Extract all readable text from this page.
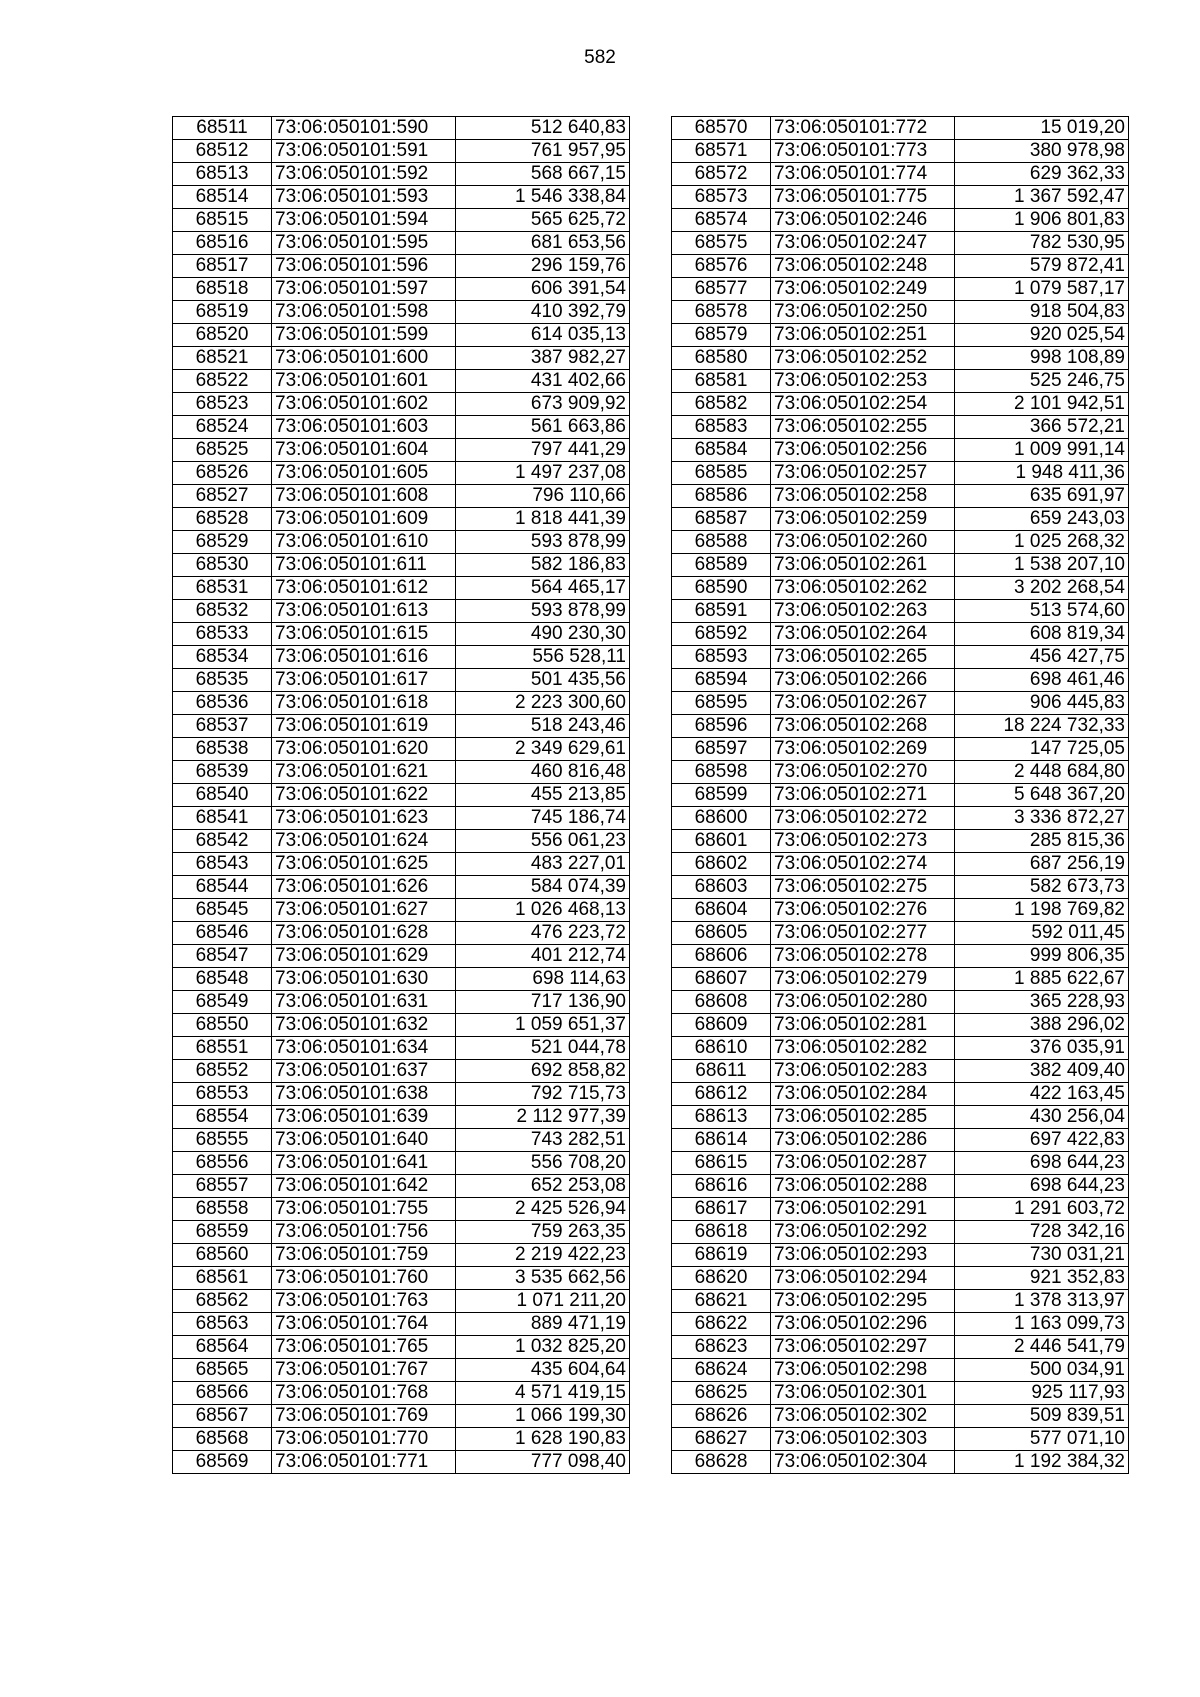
582
68511	73:06:050101:590	512 640,83
68512	73:06:050101:591	761 957,95
68513	73:06:050101:592	568 667,15
68514	73:06:050101:593	1 546 338,84
68515	73:06:050101:594	565 625,72
68516	73:06:050101:595	681 653,56
68517	73:06:050101:596	296 159,76
68518	73:06:050101:597	606 391,54
68519	73:06:050101:598	410 392,79
68520	73:06:050101:599	614 035,13
68521	73:06:050101:600	387 982,27
68522	73:06:050101:601	431 402,66
68523	73:06:050101:602	673 909,92
68524	73:06:050101:603	561 663,86
68525	73:06:050101:604	797 441,29
68526	73:06:050101:605	1 497 237,08
68527	73:06:050101:608	796 110,66
68528	73:06:050101:609	1 818 441,39
68529	73:06:050101:610	593 878,99
68530	73:06:050101:611	582 186,83
68531	73:06:050101:612	564 465,17
68532	73:06:050101:613	593 878,99
68533	73:06:050101:615	490 230,30
68534	73:06:050101:616	556 528,11
68535	73:06:050101:617	501 435,56
68536	73:06:050101:618	2 223 300,60
68537	73:06:050101:619	518 243,46
68538	73:06:050101:620	2 349 629,61
68539	73:06:050101:621	460 816,48
68540	73:06:050101:622	455 213,85
68541	73:06:050101:623	745 186,74
68542	73:06:050101:624	556 061,23
68543	73:06:050101:625	483 227,01
68544	73:06:050101:626	584 074,39
68545	73:06:050101:627	1 026 468,13
68546	73:06:050101:628	476 223,72
68547	73:06:050101:629	401 212,74
68548	73:06:050101:630	698 114,63
68549	73:06:050101:631	717 136,90
68550	73:06:050101:632	1 059 651,37
68551	73:06:050101:634	521 044,78
68552	73:06:050101:637	692 858,82
68553	73:06:050101:638	792 715,73
68554	73:06:050101:639	2 112 977,39
68555	73:06:050101:640	743 282,51
68556	73:06:050101:641	556 708,20
68557	73:06:050101:642	652 253,08
68558	73:06:050101:755	2 425 526,94
68559	73:06:050101:756	759 263,35
68560	73:06:050101:759	2 219 422,23
68561	73:06:050101:760	3 535 662,56
68562	73:06:050101:763	1 071 211,20
68563	73:06:050101:764	889 471,19
68564	73:06:050101:765	1 032 825,20
68565	73:06:050101:767	435 604,64
68566	73:06:050101:768	4 571 419,15
68567	73:06:050101:769	1 066 199,30
68568	73:06:050101:770	1 628 190,83
68569	73:06:050101:771	777 098,40
68570	73:06:050101:772	15 019,20
68571	73:06:050101:773	380 978,98
68572	73:06:050101:774	629 362,33
68573	73:06:050101:775	1 367 592,47
68574	73:06:050102:246	1 906 801,83
68575	73:06:050102:247	782 530,95
68576	73:06:050102:248	579 872,41
68577	73:06:050102:249	1 079 587,17
68578	73:06:050102:250	918 504,83
68579	73:06:050102:251	920 025,54
68580	73:06:050102:252	998 108,89
68581	73:06:050102:253	525 246,75
68582	73:06:050102:254	2 101 942,51
68583	73:06:050102:255	366 572,21
68584	73:06:050102:256	1 009 991,14
68585	73:06:050102:257	1 948 411,36
68586	73:06:050102:258	635 691,97
68587	73:06:050102:259	659 243,03
68588	73:06:050102:260	1 025 268,32
68589	73:06:050102:261	1 538 207,10
68590	73:06:050102:262	3 202 268,54
68591	73:06:050102:263	513 574,60
68592	73:06:050102:264	608 819,34
68593	73:06:050102:265	456 427,75
68594	73:06:050102:266	698 461,46
68595	73:06:050102:267	906 445,83
68596	73:06:050102:268	18 224 732,33
68597	73:06:050102:269	147 725,05
68598	73:06:050102:270	2 448 684,80
68599	73:06:050102:271	5 648 367,20
68600	73:06:050102:272	3 336 872,27
68601	73:06:050102:273	285 815,36
68602	73:06:050102:274	687 256,19
68603	73:06:050102:275	582 673,73
68604	73:06:050102:276	1 198 769,82
68605	73:06:050102:277	592 011,45
68606	73:06:050102:278	999 806,35
68607	73:06:050102:279	1 885 622,67
68608	73:06:050102:280	365 228,93
68609	73:06:050102:281	388 296,02
68610	73:06:050102:282	376 035,91
68611	73:06:050102:283	382 409,40
68612	73:06:050102:284	422 163,45
68613	73:06:050102:285	430 256,04
68614	73:06:050102:286	697 422,83
68615	73:06:050102:287	698 644,23
68616	73:06:050102:288	698 644,23
68617	73:06:050102:291	1 291 603,72
68618	73:06:050102:292	728 342,16
68619	73:06:050102:293	730 031,21
68620	73:06:050102:294	921 352,83
68621	73:06:050102:295	1 378 313,97
68622	73:06:050102:296	1 163 099,73
68623	73:06:050102:297	2 446 541,79
68624	73:06:050102:298	500 034,91
68625	73:06:050102:301	925 117,93
68626	73:06:050102:302	509 839,51
68627	73:06:050102:303	577 071,10
68628	73:06:050102:304	1 192 384,32
